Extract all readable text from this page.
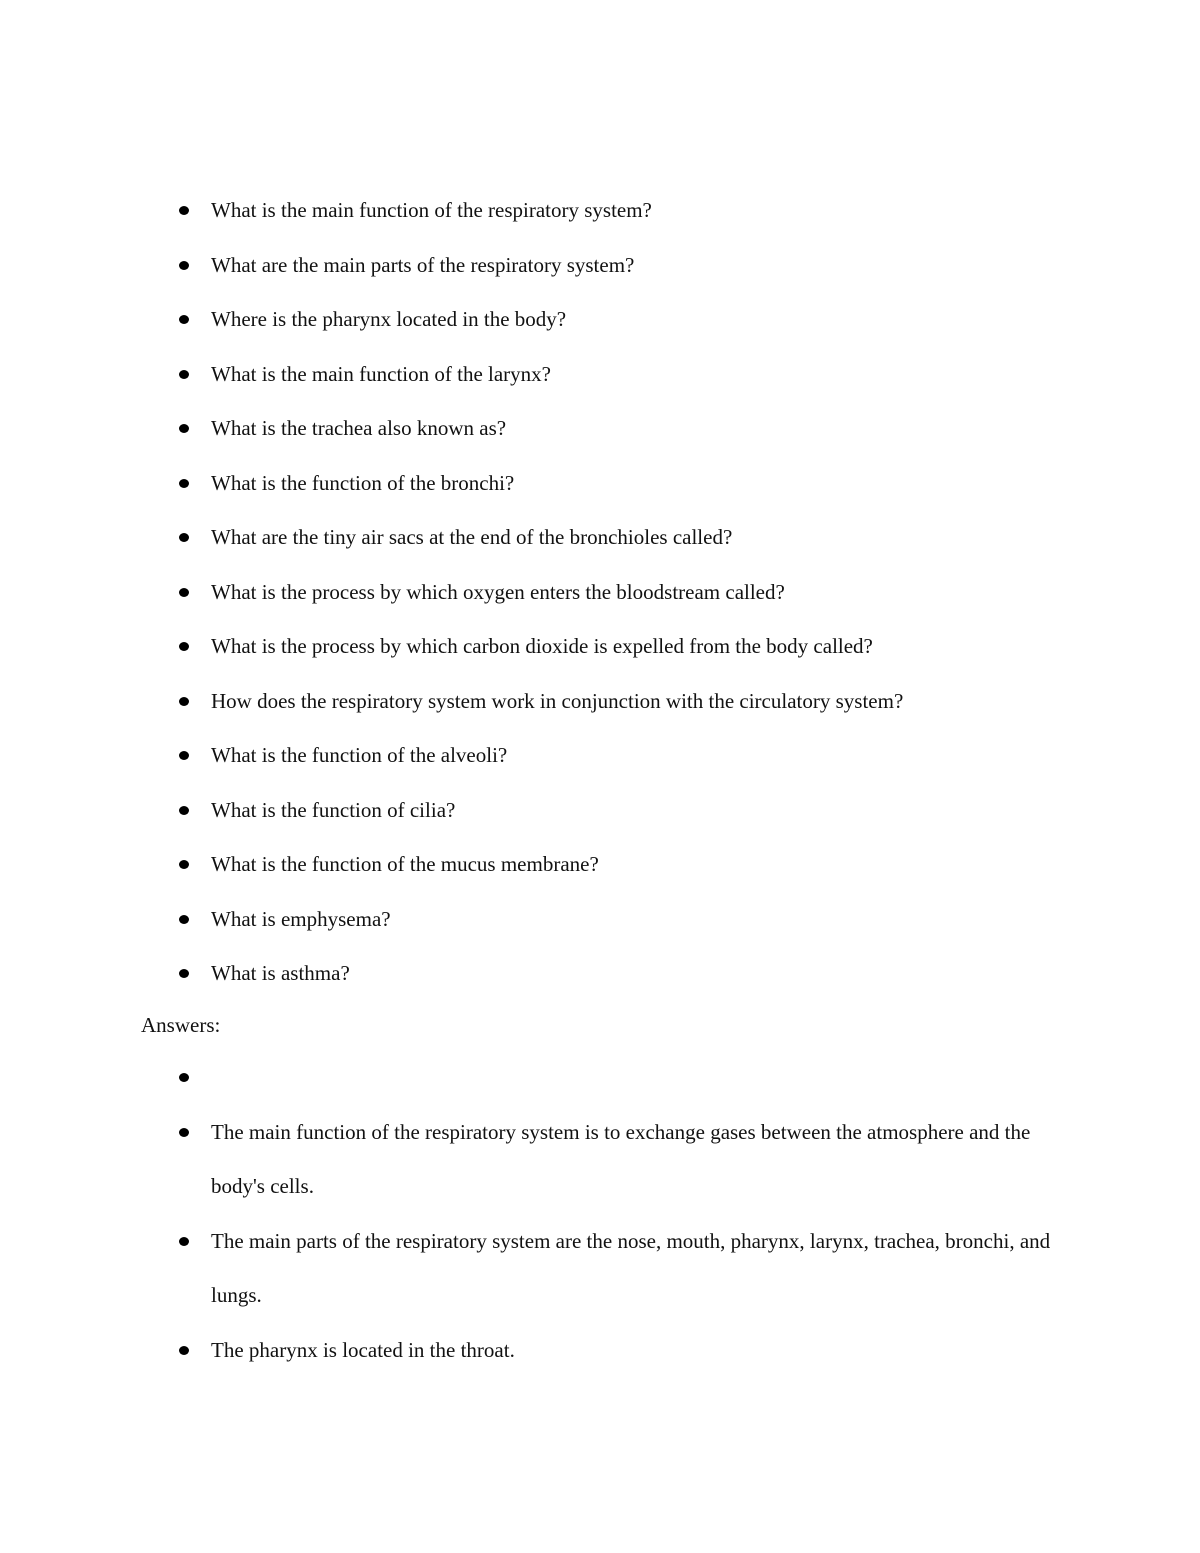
What is the main function of the respiratory system?
What are the main parts of the respiratory system?
Where is the pharynx located in the body?
What is the main function of the larynx?
What is the trachea also known as?
What is the function of the bronchi?
What are the tiny air sacs at the end of the bronchioles called?
What is the process by which oxygen enters the bloodstream called?
What is the process by which carbon dioxide is expelled from the body called?
How does the respiratory system work in conjunction with the circulatory system?
What is the function of the alveoli?
What is the function of cilia?
What is the function of the mucus membrane?
What is emphysema?
What is asthma?
Answers:
The main function of the respiratory system is to exchange gases between the atmosphere and the body's cells.
The main parts of the respiratory system are the nose, mouth, pharynx, larynx, trachea, bronchi, and lungs.
The pharynx is located in the throat.
